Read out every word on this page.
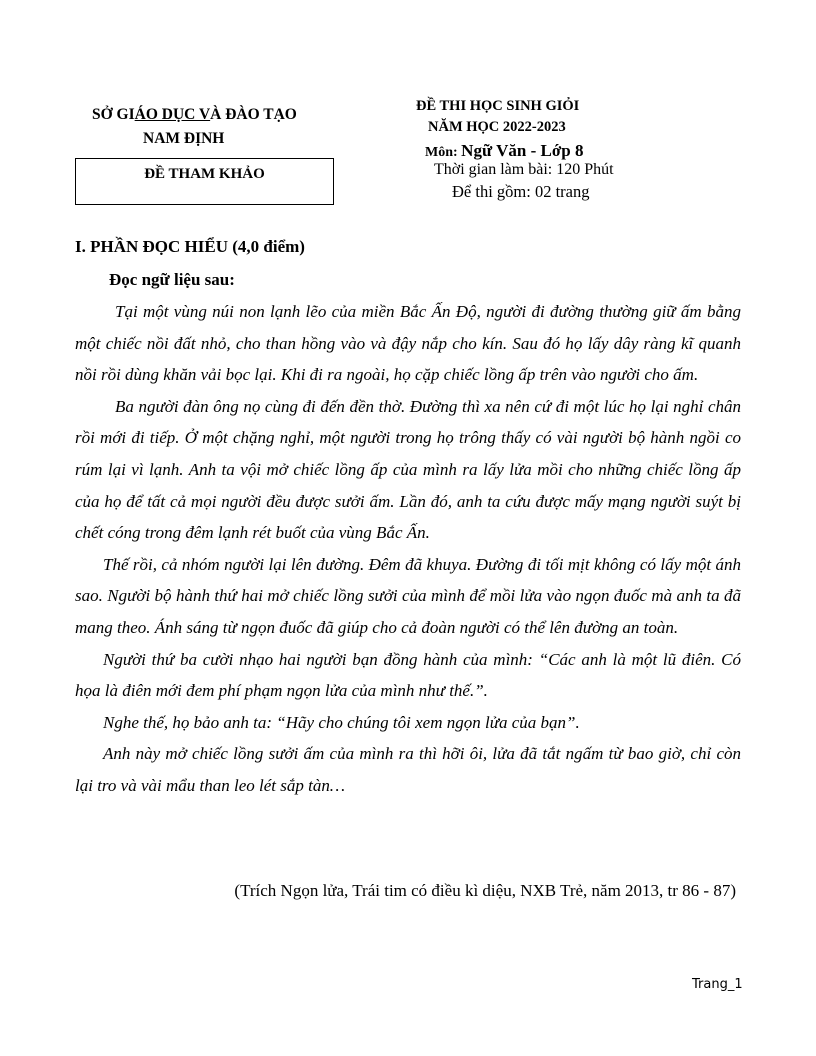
SỞ GIÁO DỤC VÀ ĐÀO TẠO
NAM ĐỊNH
ĐỀ THAM KHẢO
ĐỀ THI HỌC SINH GIỎI
NĂM HỌC 2022-2023
Môn: Ngữ Văn - Lớp 8
Thời gian làm bài: 120 Phút
Để thi gồm: 02 trang
I. PHẦN ĐỌC HIỂU (4,0 điểm)
Đọc ngữ liệu sau:

Tại một vùng núi non lạnh lẽo của miền Bắc Ấn Độ, người đi đường thường giữ ấm bằng một chiếc nồi đất nhỏ, cho than hồng vào và đậy nắp cho kín. Sau đó họ lấy dây ràng kĩ quanh nồi rồi dùng khăn vải bọc lại. Khi đi ra ngoài, họ cặp chiếc lồng ấp trên vào người cho ấm.

Ba người đàn ông nọ cùng đi đến đền thờ. Đường thì xa nên cứ đi một lúc họ lại nghỉ chân rồi mới đi tiếp. Ở một chặng nghỉ, một người trong họ trông thấy có vài người bộ hành ngồi co rúm lại vì lạnh. Anh ta vội mở chiếc lồng ấp của mình ra lấy lửa mồi cho những chiếc lồng ấp của họ để tất cả mọi người đều được sưởi ấm. Lần đó, anh ta cứu được mấy mạng người suýt bị chết cóng trong đêm lạnh rét buốt của vùng Bắc Ấn.

Thế rồi, cả nhóm người lại lên đường. Đêm đã khuya. Đường đi tối mịt không có lấy một ánh sao. Người bộ hành thứ hai mở chiếc lồng sưởi của mình để mồi lửa vào ngọn đuốc mà anh ta đã mang theo. Ánh sáng từ ngọn đuốc đã giúp cho cả đoàn người có thể lên đường an toàn.

Người thứ ba cười nhạo hai người bạn đồng hành của mình: “Các anh là một lũ điên. Có họa là điên mới đem phí phạm ngọn lửa của mình như thế.”.

Nghe thế, họ bảo anh ta: “Hãy cho chúng tôi xem ngọn lửa của bạn”.

Anh này mở chiếc lồng sưởi ấm của mình ra thì hỡi ôi, lửa đã tắt ngấm từ bao giờ, chỉ còn lại tro và vài mẩu than leo lét sắp tàn…

(Trích Ngọn lửa, Trái tim có điều kì diệu, NXB Trẻ, năm 2013, tr 86 - 87)
Trang_1
